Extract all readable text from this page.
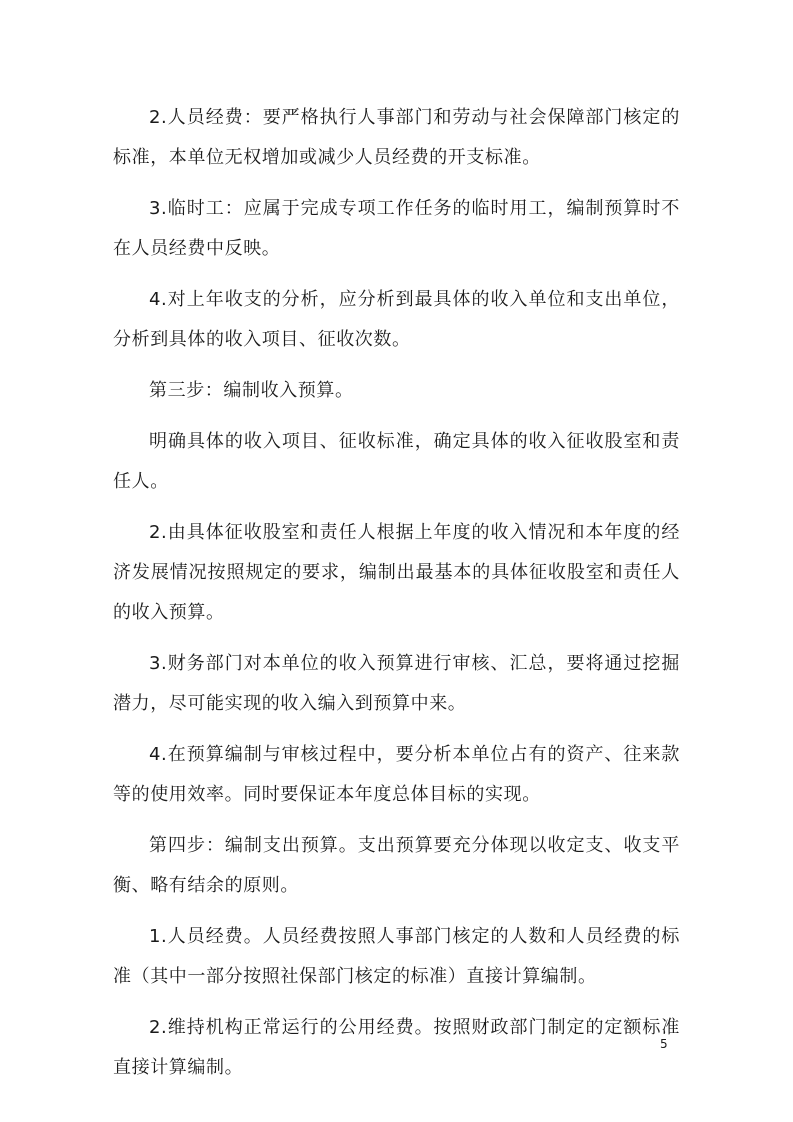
2.人员经费：要严格执行人事部门和劳动与社会保障部门核定的标准，本单位无权增加或减少人员经费的开支标准。

3.临时工：应属于完成专项工作任务的临时用工，编制预算时不在人员经费中反映。

4.对上年收支的分析，应分析到最具体的收入单位和支出单位，分析到具体的收入项目、征收次数。

第三步：编制收入预算。

明确具体的收入项目、征收标准，确定具体的收入征收股室和责任人。

2.由具体征收股室和责任人根据上年度的收入情况和本年度的经济发展情况按照规定的要求，编制出最基本的具体征收股室和责任人的收入预算。

3.财务部门对本单位的收入预算进行审核、汇总，要将通过挖掘潜力，尽可能实现的收入编入到预算中来。

4.在预算编制与审核过程中，要分析本单位占有的资产、往来款等的使用效率。同时要保证本年度总体目标的实现。

第四步：编制支出预算。支出预算要充分体现以收定支、收支平衡、略有结余的原则。

1.人员经费。人员经费按照人事部门核定的人数和人员经费的标准（其中一部分按照社保部门核定的标准）直接计算编制。

2.维持机构正常运行的公用经费。按照财政部门制定的定额标准直接计算编制。

5
